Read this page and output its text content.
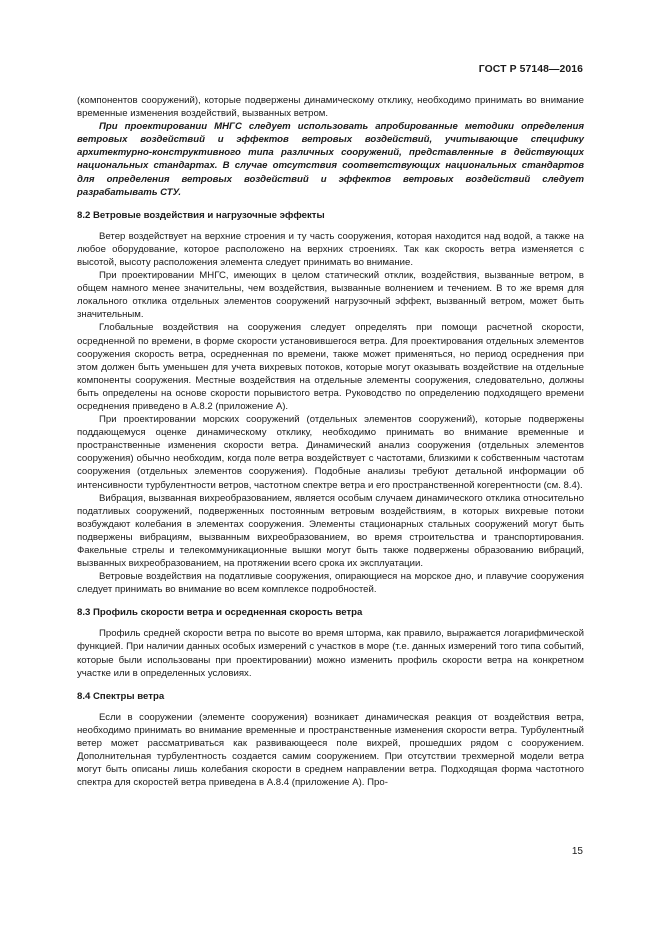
ГОСТ Р 57148—2016

(компонентов сооружений), которые подвержены динамическому отклику, необходимо принимать во внимание временные изменения воздействий, вызванных ветром.

При проектировании МНГС следует использовать апробированные методики определения ветровых воздействий и эффектов ветровых воздействий, учитывающие специфику архитектурно-конструктивного типа различных сооружений, представленные в действующих национальных стандартах. В случае отсутствия соответствующих национальных стандартов для определения ветровых воздействий и эффектов ветровых воздействий следует разрабатывать СТУ.

8.2 Ветровые воздействия и нагрузочные эффекты

Ветер воздействует на верхние строения и ту часть сооружения, которая находится над водой, а также на любое оборудование, которое расположено на верхних строениях. Так как скорость ветра изменяется с высотой, высоту расположения элемента следует принимать во внимание.

При проектировании МНГС, имеющих в целом статический отклик, воздействия, вызванные ветром, в общем намного менее значительны, чем воздействия, вызванные волнением и течением. В то же время для локального отклика отдельных элементов сооружений нагрузочный эффект, вызванный ветром, может быть значительным.

Глобальные воздействия на сооружения следует определять при помощи расчетной скорости, осредненной по времени, в форме скорости установившегося ветра. Для проектирования отдельных элементов сооружения скорость ветра, осредненная по времени, также может применяться, но период осреднения при этом должен быть уменьшен для учета вихревых потоков, которые могут оказывать воздействие на отдельные компоненты сооружения. Местные воздействия на отдельные элементы сооружения, следовательно, должны быть определены на основе скорости порывистого ветра. Руководство по определению подходящего времени осреднения приведено в А.8.2 (приложение А).

При проектировании морских сооружений (отдельных элементов сооружений), которые подвержены поддающемуся оценке динамическому отклику, необходимо принимать во внимание временные и пространственные изменения скорости ветра. Динамический анализ сооружения (отдельных элементов сооружения) обычно необходим, когда поле ветра воздействует с частотами, близкими к собственным частотам сооружения (отдельных элементов сооружения). Подобные анализы требуют детальной информации об интенсивности турбулентности ветров, частотном спектре ветра и его пространственной когерентности (см. 8.4).

Вибрация, вызванная вихреобразованием, является особым случаем динамического отклика относительно податливых сооружений, подверженных постоянным ветровым воздействиям, в которых вихревые потоки возбуждают колебания в элементах сооружения. Элементы стационарных стальных сооружений могут быть подвержены вибрациям, вызванным вихреобразованием, во время строительства и транспортирования. Факельные стрелы и телекоммуникационные вышки могут быть также подвержены образованию вибраций, вызванных вихреобразованием, на протяжении всего срока их эксплуатации.

Ветровые воздействия на податливые сооружения, опирающиеся на морское дно, и плавучие сооружения следует принимать во внимание во всем комплексе подробностей.

8.3 Профиль скорости ветра и осредненная скорость ветра

Профиль средней скорости ветра по высоте во время шторма, как правило, выражается логарифмической функцией. При наличии данных особых измерений с участков в море (т.е. данных измерений того типа событий, которые были использованы при проектировании) можно изменить профиль скорости ветра на конкретном участке или в определенных условиях.

8.4 Спектры ветра

Если в сооружении (элементе сооружения) возникает динамическая реакция от воздействия ветра, необходимо принимать во внимание временные и пространственные изменения скорости ветра. Турбулентный ветер может рассматриваться как развивающееся поле вихрей, прошедших рядом с сооружением. Дополнительная турбулентность создается самим сооружением. При отсутствии трехмерной модели ветра могут быть описаны лишь колебания скорости в среднем направлении ветра. Подходящая форма частотного спектра для скоростей ветра приведена в А.8.4 (приложение А). Про-

15
